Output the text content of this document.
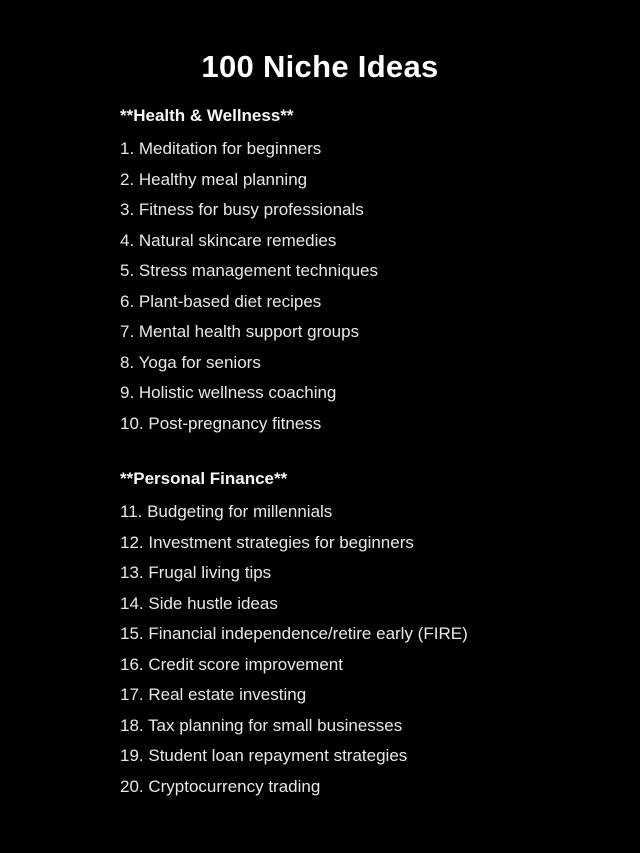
100 Niche Ideas
**Health & Wellness**
1. Meditation for beginners
2. Healthy meal planning
3. Fitness for busy professionals
4. Natural skincare remedies
5. Stress management techniques
6. Plant-based diet recipes
7. Mental health support groups
8. Yoga for seniors
9. Holistic wellness coaching
10. Post-pregnancy fitness
**Personal Finance**
11. Budgeting for millennials
12. Investment strategies for beginners
13. Frugal living tips
14. Side hustle ideas
15. Financial independence/retire early (FIRE)
16. Credit score improvement
17. Real estate investing
18. Tax planning for small businesses
19. Student loan repayment strategies
20. Cryptocurrency trading
